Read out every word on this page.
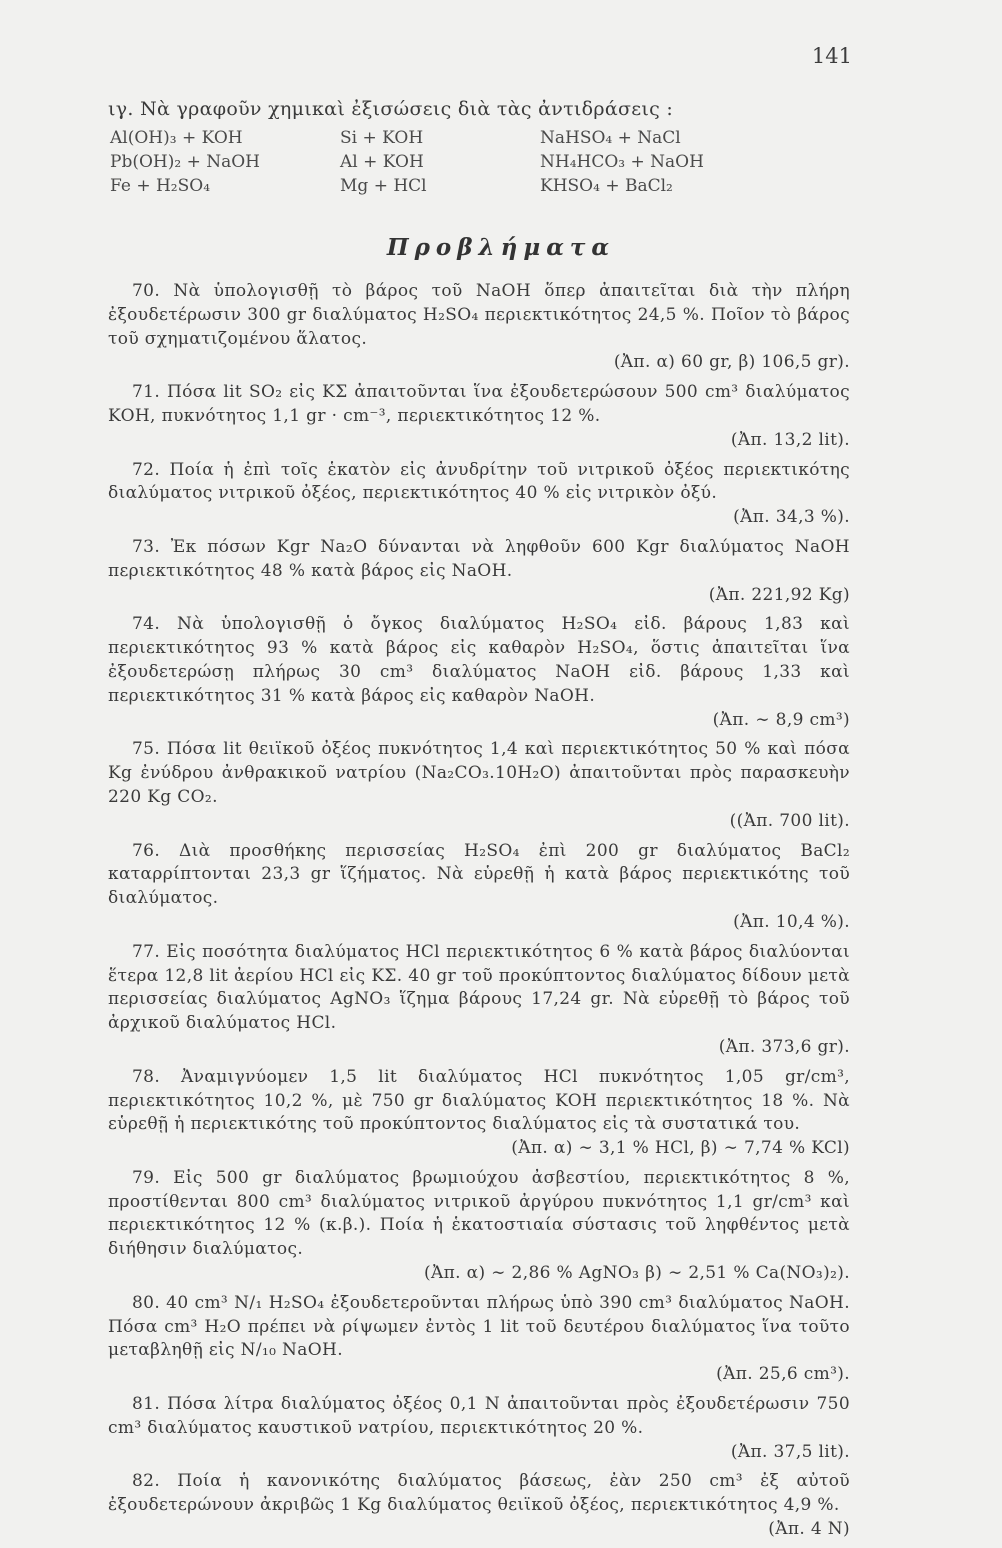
141
ιγ. Νὰ γραφοῦν χημικαὶ ἐξισώσεις διὰ τὰς ἀντιδράσεις :
Al(OH)₃ + KOH
Pb(OH)₂ + NaOH
Fe + H₂SO₄
Si + KOH
Al + KOH
Mg + HCl
NaHSO₄ + NaCl
NH₄HCO₃ + NaOH
KHSO₄ + BaCl₂
Προβλήματα

70. Νὰ ὑπολογισθῇ τὸ βάρος τοῦ NaOH ὅπερ ἀπαιτεῖται διὰ τὴν πλήρη ἐξουδετέρωσιν 300 gr διαλύματος H₂SO₄ περιεκτικότητος 24,5 %. Ποῖον τὸ βάρος τοῦ σχηματιζομένου ἅλατος.
(Ἀπ. α) 60 gr, β) 106,5 gr).

71. Πόσα lit SO₂ εἰς ΚΣ ἀπαιτοῦνται ἵνα ἐξουδετερώσουν 500 cm³ διαλύματος KOH, πυκνότητος 1,1 gr · cm⁻³, περιεκτικότητος 12 %.
(Ἀπ. 13,2 lit).

72. Ποία ἡ ἐπὶ τοῖς ἑκατὸν εἰς ἀνυδρίτην τοῦ νιτρικοῦ ὀξέος περιεκτικότης διαλύματος νιτρικοῦ ὀξέος, περιεκτικότητος 40 % εἰς νιτρικὸν ὀξύ.
(Ἀπ. 34,3 %).

73. Ἐκ πόσων Kgr Na₂O δύνανται νὰ ληφθοῦν 600 Kgr διαλύματος NaOH περιεκτικότητος 48 % κατὰ βάρος εἰς NaOH.
(Ἀπ. 221,92 Kg)

74. Νὰ ὑπολογισθῇ ὁ ὄγκος διαλύματος H₂SO₄ εἰδ. βάρους 1,83 καὶ περιεκτικότητος 93 % κατὰ βάρος εἰς καθαρὸν H₂SO₄, ὅστις ἀπαιτεῖται ἵνα ἐξουδετερώσῃ πλήρως 30 cm³ διαλύματος NaOH εἰδ. βάρους 1,33 καὶ περιεκτικότητος 31 % κατὰ βάρος εἰς καθαρὸν NaOH.
(Ἀπ. ∼ 8,9 cm³)

75. Πόσα lit θειϊκοῦ ὀξέος πυκνότητος 1,4 καὶ περιεκτικότητος 50 % καὶ πόσα Kg ἐνύδρου ἀνθρακικοῦ νατρίου (Na₂CO₃.10H₂O) ἀπαιτοῦνται πρὸς παρασκευὴν 220 Kg CO₂.
((Ἀπ. 700 lit).

76. Διὰ προσθήκης περισσείας H₂SO₄ ἐπὶ 200 gr διαλύματος BaCl₂ καταρρίπτονται 23,3 gr ἵζήματος. Νὰ εὑρεθῇ ἡ κατὰ βάρος περιεκτικότης τοῦ διαλύματος.
(Ἀπ. 10,4 %).

77. Εἰς ποσότητα διαλύματος HCl περιεκτικότητος 6 % κατὰ βάρος διαλύονται ἕτερα 12,8 lit ἀερίου HCl εἰς ΚΣ. 40 gr τοῦ προκύπτοντος διαλύματος δίδουν μετὰ περισσείας διαλύματος AgNO₃ ἵζημα βάρους 17,24 gr. Νὰ εὑρεθῇ τὸ βάρος τοῦ ἀρχικοῦ διαλύματος HCl.
(Ἀπ. 373,6 gr).

78. Ἀναμιγνύομεν 1,5 lit διαλύματος HCl πυκνότητος 1,05 gr/cm³, περιεκτικότητος 10,2 %, μὲ 750 gr διαλύματος KOH περιεκτικότητος 18 %. Νὰ εὑρεθῇ ἡ περιεκτικότης τοῦ προκύπτοντος διαλύματος εἰς τὰ συστατικά του.
(Ἀπ. α) ∼ 3,1 % HCl, β) ∼ 7,74 % KCl)

79. Εἰς 500 gr διαλύματος βρωμιούχου ἀσβεστίου, περιεκτικότητος 8 %, προστίθενται 800 cm³ διαλύματος νιτρικοῦ ἀργύρου πυκνότητος 1,1 gr/cm³ καὶ περιεκτικότητος 12 % (κ.β.). Ποία ἡ ἑκατοστιαία σύστασις τοῦ ληφθέντος μετὰ διήθησιν διαλύματος.
(Ἀπ. α) ∼ 2,86 % AgNO₃ β) ∼ 2,51 % Ca(NO₃)₂).

80. 40 cm³ N/₁ H₂SO₄ ἐξουδετεροῦνται πλήρως ὑπὸ 390 cm³ διαλύματος NaOH. Πόσα cm³ H₂O πρέπει νὰ ρίψωμεν ἐντὸς 1 lit τοῦ δευτέρου διαλύματος ἵνα τοῦτο μεταβληθῇ εἰς N/₁₀ NaOH.
(Ἀπ. 25,6 cm³).

81. Πόσα λίτρα διαλύματος ὀξέος 0,1 N ἀπαιτοῦνται πρὸς ἐξουδετέρωσιν 750 cm³ διαλύματος καυστικοῦ νατρίου, περιεκτικότητος 20 %.
(Ἀπ. 37,5 lit).

82. Ποία ἡ κανονικότης διαλύματος βάσεως, ἐὰν 250 cm³ ἐξ αὐτοῦ ἐξουδετερώνουν ἀκριβῶς 1 Kg διαλύματος θειϊκοῦ ὀξέος, περιεκτικότητος 4,9 %.
(Ἀπ. 4 N)
